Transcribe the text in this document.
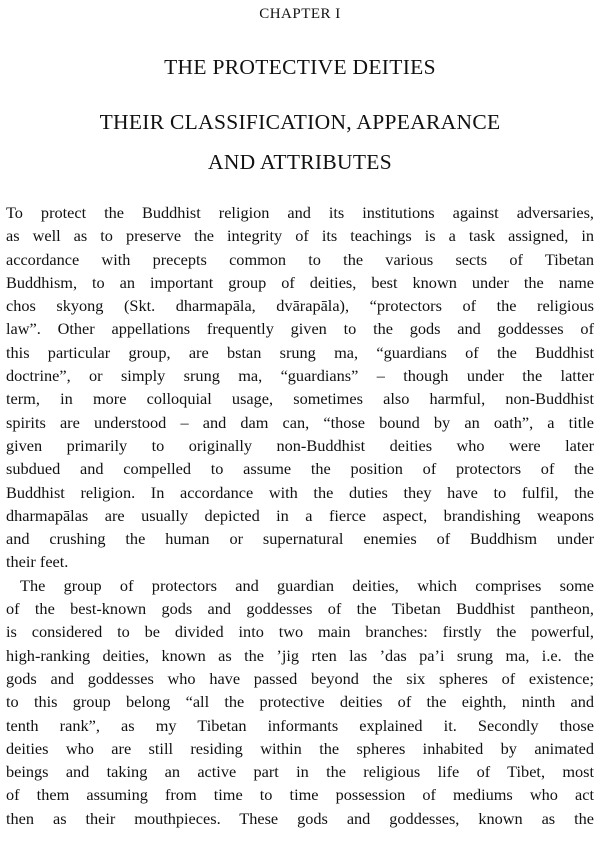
CHAPTER I

THE PROTECTIVE DEITIES
THEIR CLASSIFICATION, APPEARANCE
AND ATTRIBUTES
To protect the Buddhist religion and its institutions against adversaries,
as well as to preserve the integrity of its teachings is a task assigned, in
accordance with precepts common to the various sects of Tibetan
Buddhism, to an important group of deities, best known under the name
chos skyong (Skt. dharmapāla, dvārapāla), “protectors of the religious
law”. Other appellations frequently given to the gods and goddesses of
this particular group, are bstan srung ma, “guardians of the Buddhist
doctrine”, or simply srung ma, “guardians” – though under the latter
term, in more colloquial usage, sometimes also harmful, non-Buddhist
spirits are understood – and dam can, “those bound by an oath”, a title
given primarily to originally non-Buddhist deities who were later
subdued and compelled to assume the position of protectors of the
Buddhist religion. In accordance with the duties they have to fulfil, the
dharmapālas are usually depicted in a fierce aspect, brandishing weapons
and crushing the human or supernatural enemies of Buddhism under
their feet.
The group of protectors and guardian deities, which comprises some
of the best-known gods and goddesses of the Tibetan Buddhist pantheon,
is considered to be divided into two main branches: firstly the powerful,
high-ranking deities, known as the ’jig rten las ’das pa’i srung ma, i.e. the
gods and goddesses who have passed beyond the six spheres of existence;
to this group belong “all the protective deities of the eighth, ninth and
tenth rank”, as my Tibetan informants explained it. Secondly those
deities who are still residing within the spheres inhabited by animated
beings and taking an active part in the religious life of Tibet, most
of them assuming from time to time possession of mediums who act
then as their mouthpieces. These gods and goddesses, known as the
